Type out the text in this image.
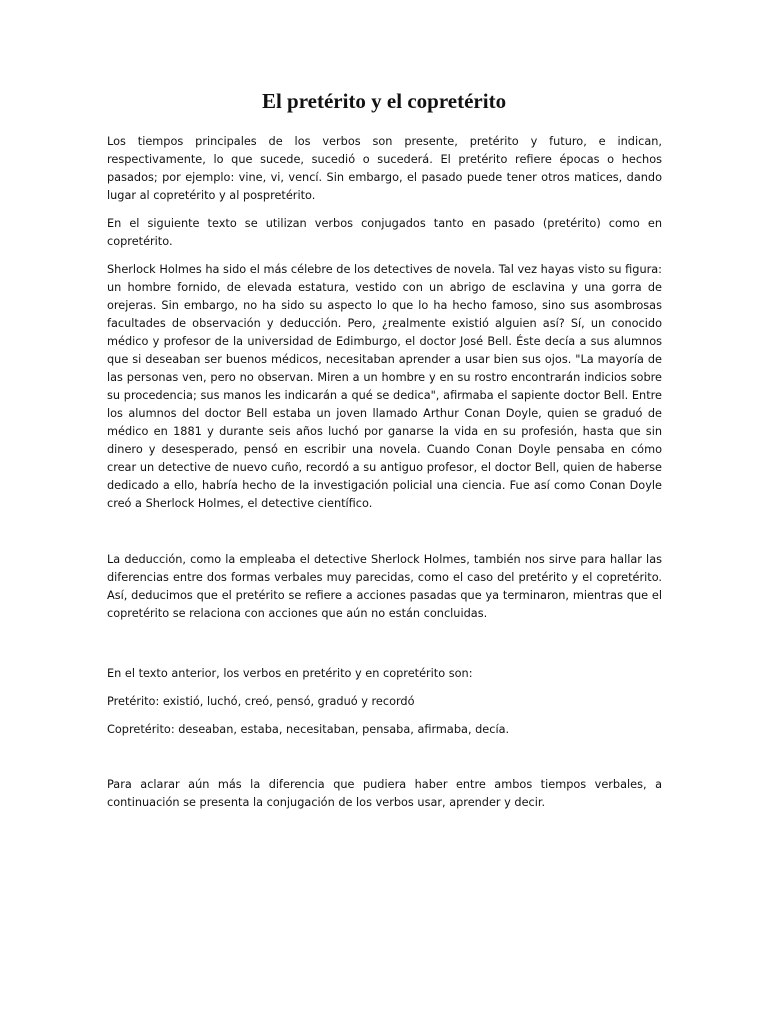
El pretérito y el copretérito

Los tiempos principales de los verbos son presente, pretérito y futuro, e indican, respectivamente, lo que sucede, sucedió o sucederá. El pretérito refiere épocas o hechos pasados; por ejemplo: vine, vi, vencí. Sin embargo, el pasado puede tener otros matices, dando lugar al copretérito y al pospretérito.

En el siguiente texto se utilizan verbos conjugados tanto en pasado (pretérito) como en copretérito.

Sherlock Holmes ha sido el más célebre de los detectives de novela. Tal vez hayas visto su figura: un hombre fornido, de elevada estatura, vestido con un abrigo de esclavina y una gorra de orejeras. Sin embargo, no ha sido su aspecto lo que lo ha hecho famoso, sino sus asombrosas facultades de observación y deducción. Pero, ¿realmente existió alguien así? Sí, un conocido médico y profesor de la universidad de Edimburgo, el doctor José Bell. Éste decía a sus alumnos que si deseaban ser buenos médicos, necesitaban aprender a usar bien sus ojos. "La mayoría de las personas ven, pero no observan. Miren a un hombre y en su rostro encontrarán indicios sobre su procedencia; sus manos les indicarán a qué se dedica", afirmaba el sapiente doctor Bell. Entre los alumnos del doctor Bell estaba un joven llamado Arthur Conan Doyle, quien se graduó de médico en 1881 y durante seis años luchó por ganarse la vida en su profesión, hasta que sin dinero y desesperado, pensó en escribir una novela. Cuando Conan Doyle pensaba en cómo crear un detective de nuevo cuño, recordó a su antiguo profesor, el doctor Bell, quien de haberse dedicado a ello, habría hecho de la investigación policial una ciencia. Fue así como Conan Doyle creó a Sherlock Holmes, el detective científico.

La deducción, como la empleaba el detective Sherlock Holmes, también nos sirve para hallar las diferencias entre dos formas verbales muy parecidas, como el caso del pretérito y el copretérito. Así, deducimos que el pretérito se refiere a acciones pasadas que ya terminaron, mientras que el copretérito se relaciona con acciones que aún no están concluidas.

En el texto anterior, los verbos en pretérito y en copretérito son:

Pretérito: existió, luchó, creó, pensó, graduó y recordó

Copretérito: deseaban, estaba, necesitaban, pensaba, afirmaba, decía.

Para aclarar aún más la diferencia que pudiera haber entre ambos tiempos verbales, a continuación se presenta la conjugación de los verbos usar, aprender y decir.
